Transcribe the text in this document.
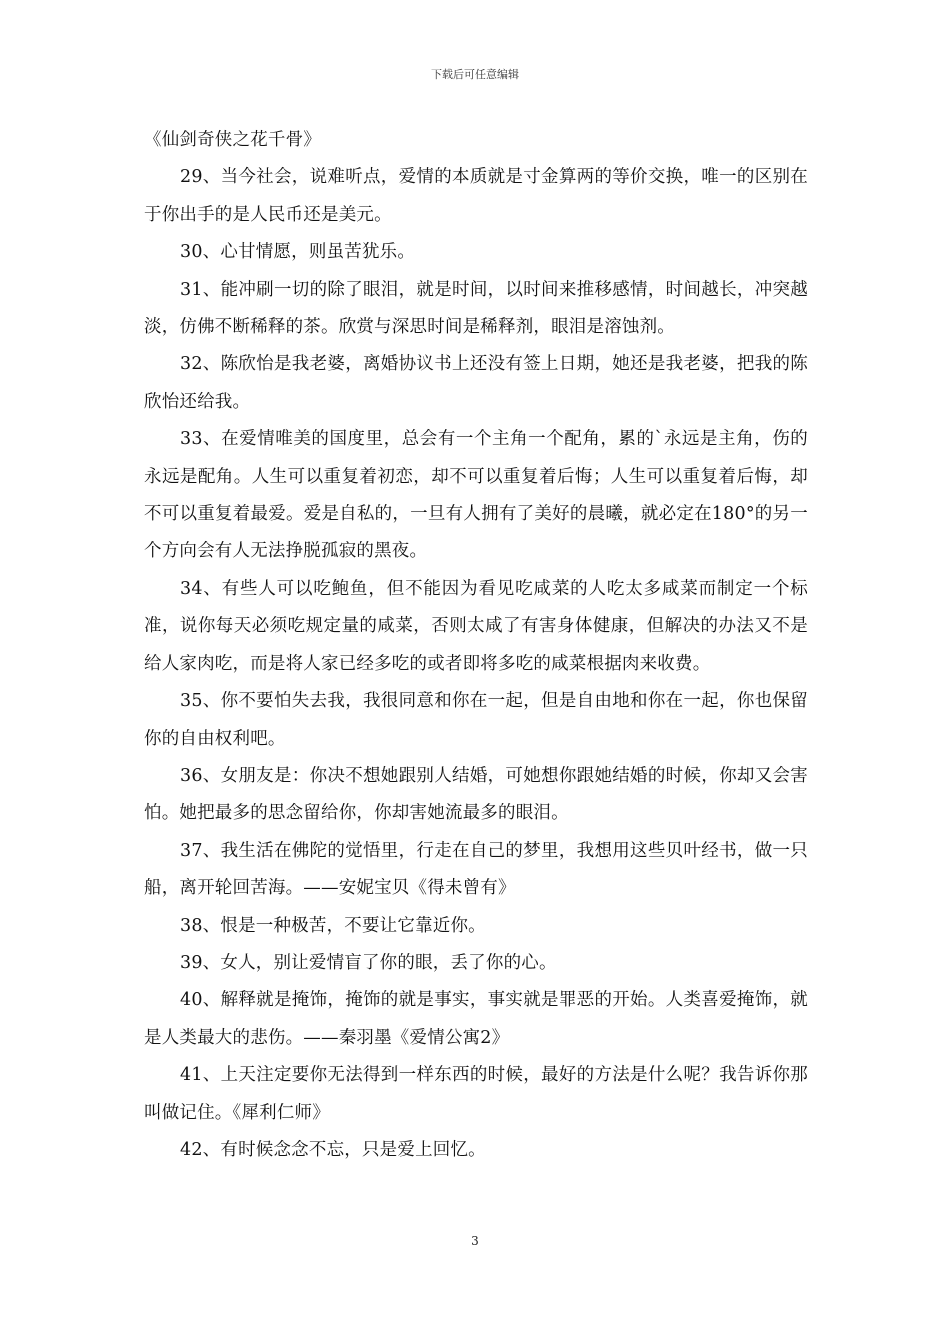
下载后可任意编辑

《仙剑奇侠之花千骨》

29、当今社会，说难听点，爱情的本质就是寸金算两的等价交换，唯一的区别在于你出手的是人民币还是美元。

30、心甘情愿，则虽苦犹乐。

31、能冲刷一切的除了眼泪，就是时间，以时间来推移感情，时间越长，冲突越淡，仿佛不断稀释的茶。欣赏与深思时间是稀释剂，眼泪是溶蚀剂。

32、陈欣怡是我老婆，离婚协议书上还没有签上日期，她还是我老婆，把我的陈欣怡还给我。

33、在爱情唯美的国度里，总会有一个主角一个配角，累的`永远是主角，伤的永远是配角。人生可以重复着初恋，却不可以重复着后悔；人生可以重复着后悔，却不可以重复着最爱。爱是自私的，一旦有人拥有了美好的晨曦，就必定在180°的另一个方向会有人无法挣脱孤寂的黑夜。

34、有些人可以吃鲍鱼，但不能因为看见吃咸菜的人吃太多咸菜而制定一个标准，说你每天必须吃规定量的咸菜，否则太咸了有害身体健康，但解决的办法又不是给人家肉吃，而是将人家已经多吃的或者即将多吃的咸菜根据肉来收费。

35、你不要怕失去我，我很同意和你在一起，但是自由地和你在一起，你也保留你的自由权利吧。

36、女朋友是：你决不想她跟别人结婚，可她想你跟她结婚的时候，你却又会害怕。她把最多的思念留给你，你却害她流最多的眼泪。

37、我生活在佛陀的觉悟里，行走在自己的梦里，我想用这些贝叶经书，做一只船，离开轮回苦海。——安妮宝贝《得未曾有》

38、恨是一种极苦，不要让它靠近你。

39、女人，别让爱情盲了你的眼，丢了你的心。

40、解释就是掩饰，掩饰的就是事实，事实就是罪恶的开始。人类喜爱掩饰，就是人类最大的悲伤。——秦羽墨《爱情公寓2》

41、上天注定要你无法得到一样东西的时候，最好的方法是什么呢？我告诉你那叫做记住。《犀利仁师》

42、有时候念念不忘，只是爱上回忆。

3
